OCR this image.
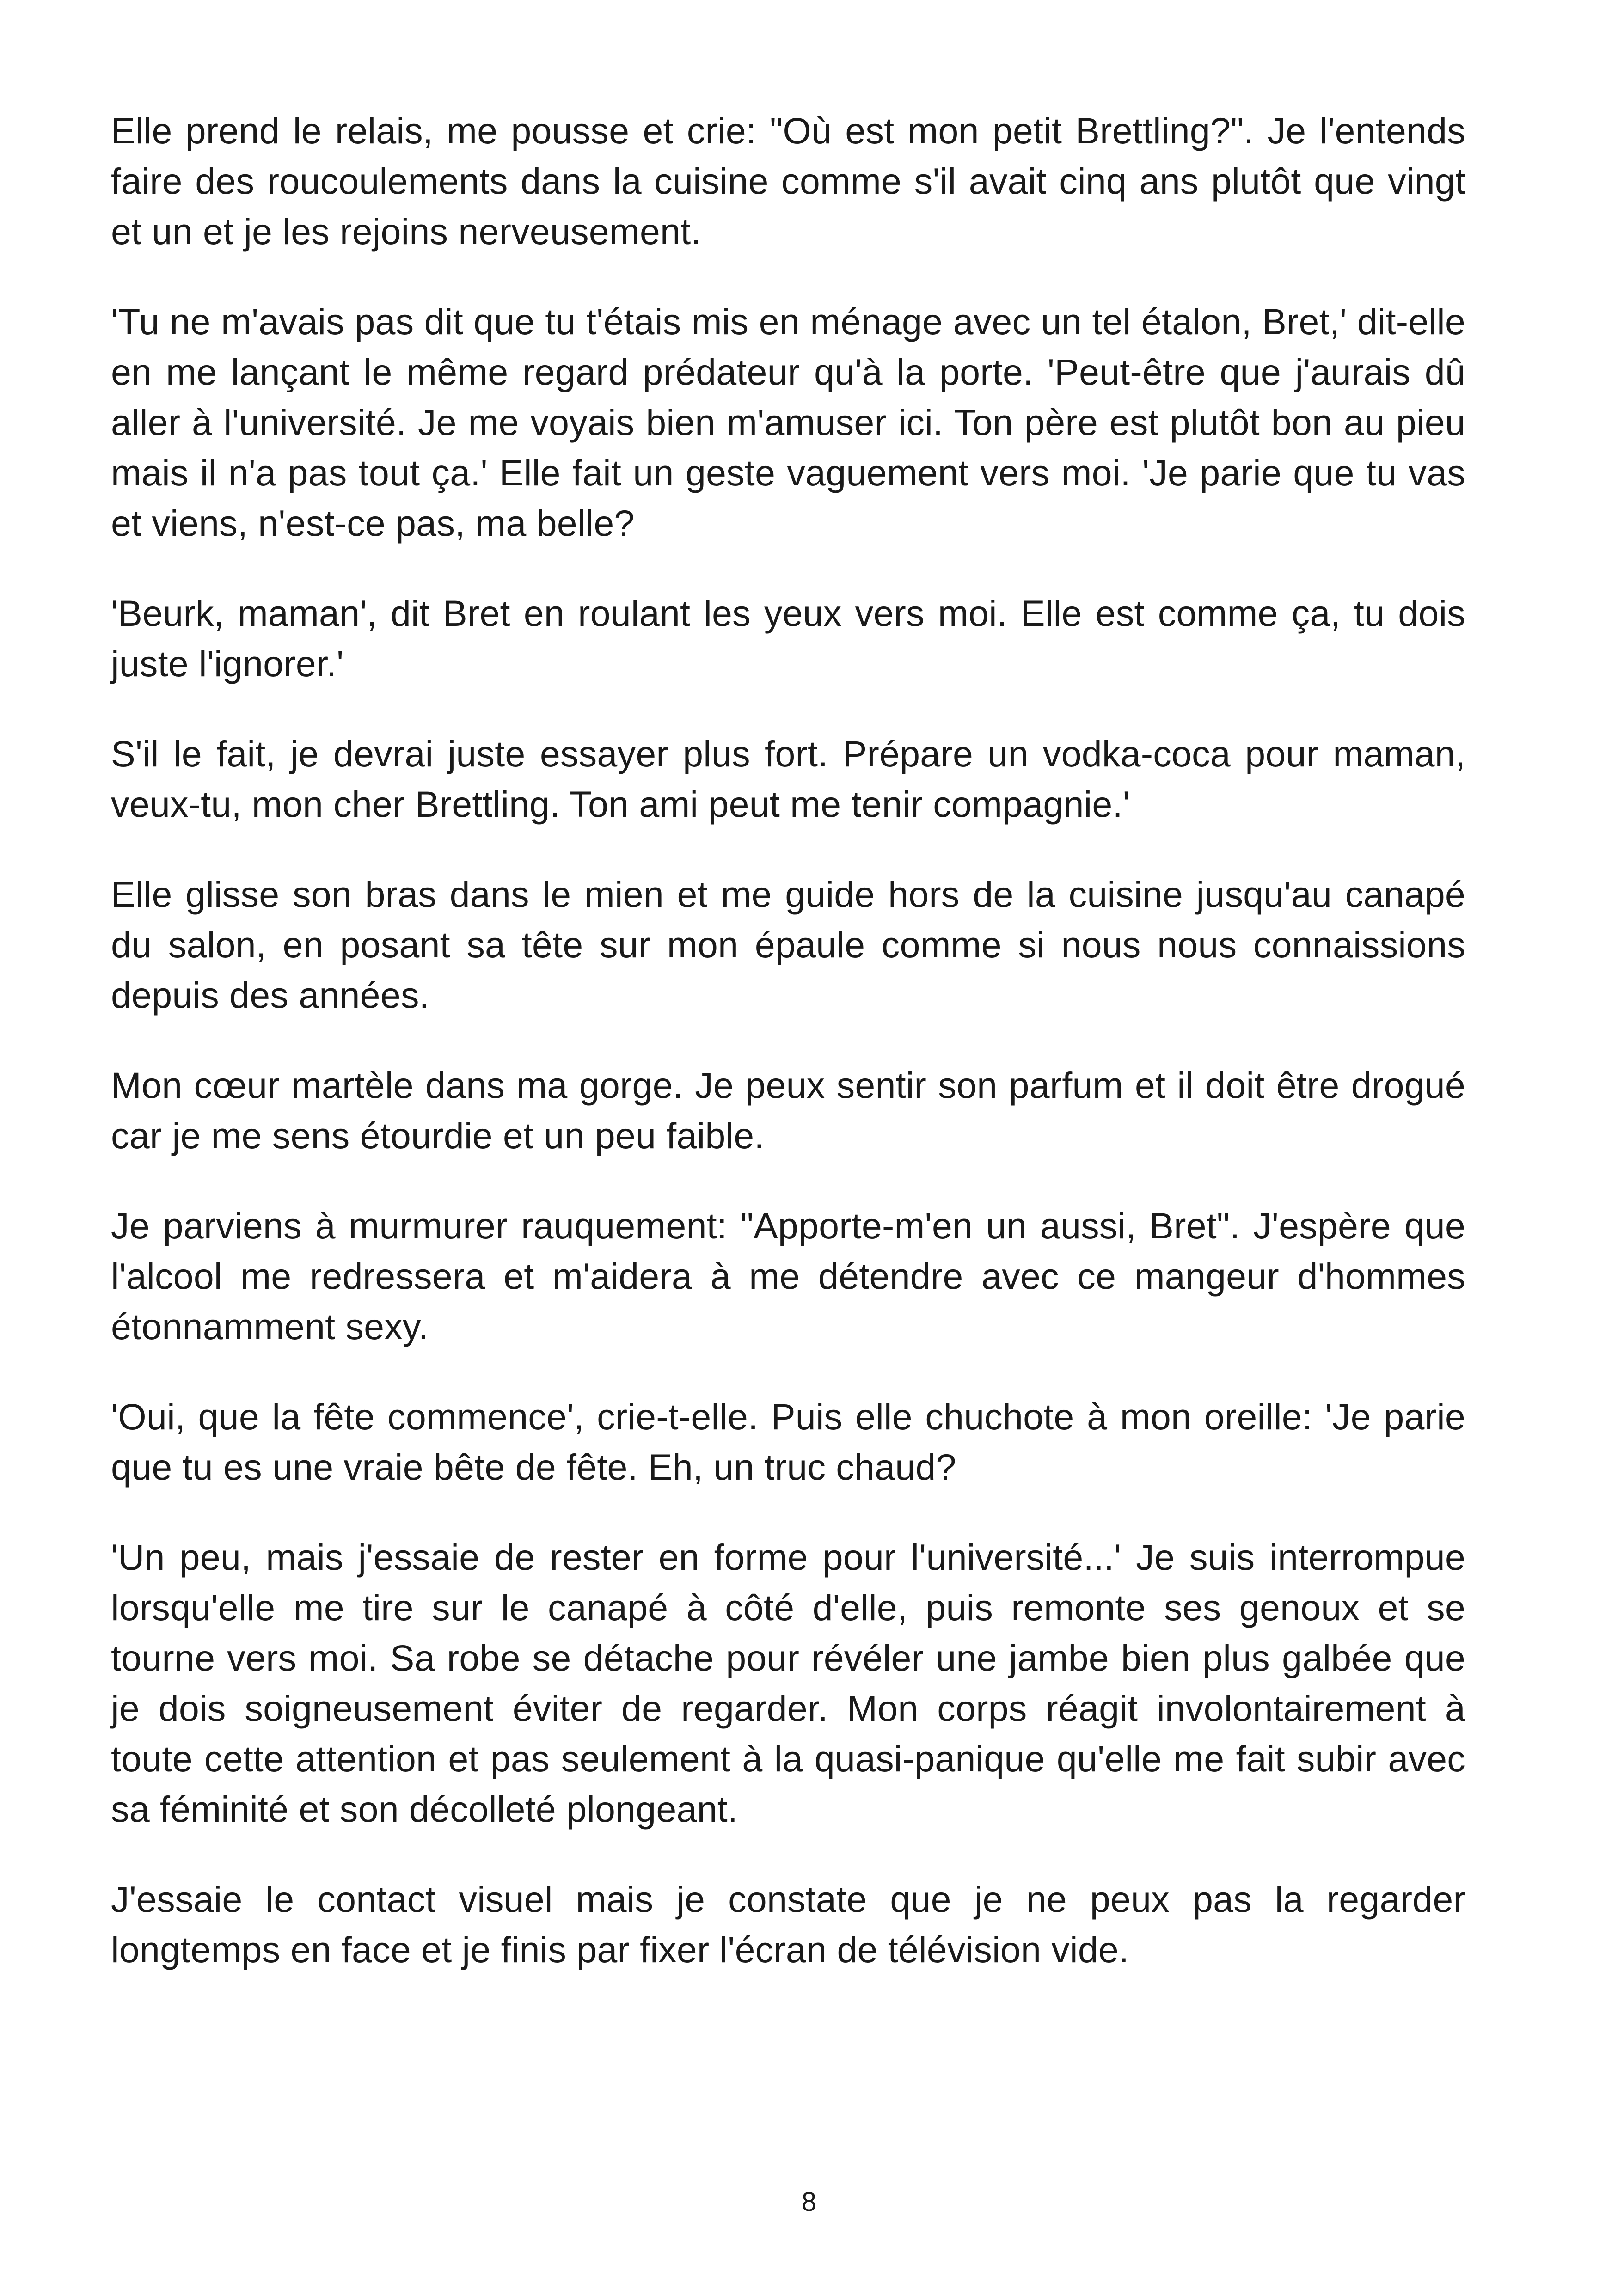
Elle prend le relais, me pousse et crie: "Où est mon petit Brettling?". Je l'entends faire des roucoulements dans la cuisine comme s'il avait cinq ans plutôt que vingt et un et je les rejoins nerveusement.

'Tu ne m'avais pas dit que tu t'étais mis en ménage avec un tel étalon, Bret,' dit-elle en me lançant le même regard prédateur qu'à la porte. 'Peut-être que j'aurais dû aller à l'université. Je me voyais bien m'amuser ici. Ton père est plutôt bon au pieu mais il n'a pas tout ça.' Elle fait un geste vaguement vers moi. 'Je parie que tu vas et viens, n'est-ce pas, ma belle?

'Beurk, maman', dit Bret en roulant les yeux vers moi. Elle est comme ça, tu dois juste l'ignorer.'

S'il le fait, je devrai juste essayer plus fort. Prépare un vodka-coca pour maman, veux-tu, mon cher Brettling. Ton ami peut me tenir compagnie.'

Elle glisse son bras dans le mien et me guide hors de la cuisine jusqu'au canapé du salon, en posant sa tête sur mon épaule comme si nous nous connaissions depuis des années.

Mon cœur martèle dans ma gorge. Je peux sentir son parfum et il doit être drogué car je me sens étourdie et un peu faible.

Je parviens à murmurer rauquement: "Apporte-m'en un aussi, Bret". J'espère que l'alcool me redressera et m'aidera à me détendre avec ce mangeur d'hommes étonnamment sexy.

'Oui, que la fête commence', crie-t-elle. Puis elle chuchote à mon oreille: 'Je parie que tu es une vraie bête de fête. Eh, un truc chaud?

'Un peu, mais j'essaie de rester en forme pour l'université...' Je suis interrompue lorsqu'elle me tire sur le canapé à côté d'elle, puis remonte ses genoux et se tourne vers moi. Sa robe se détache pour révéler une jambe bien plus galbée que je dois soigneusement éviter de regarder. Mon corps réagit involontairement à toute cette attention et pas seulement à la quasi-panique qu'elle me fait subir avec sa féminité et son décolleté plongeant.

J'essaie le contact visuel mais je constate que je ne peux pas la regarder longtemps en face et je finis par fixer l'écran de télévision vide.

8
